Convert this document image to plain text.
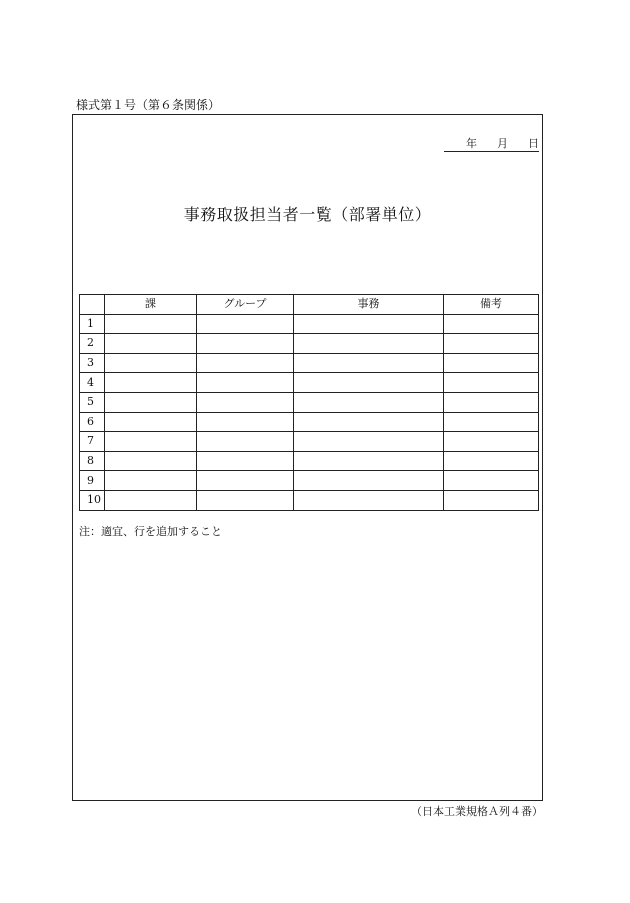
様式第１号（第６条関係）
年 月 日
事務取扱担当者一覧（部署単位）
	課	グループ	事務	備考
1				
2				
3				
4				
5				
6				
7				
8				
9				
10				
注：適宜、行を追加すること
（日本工業規格Ａ列４番）
